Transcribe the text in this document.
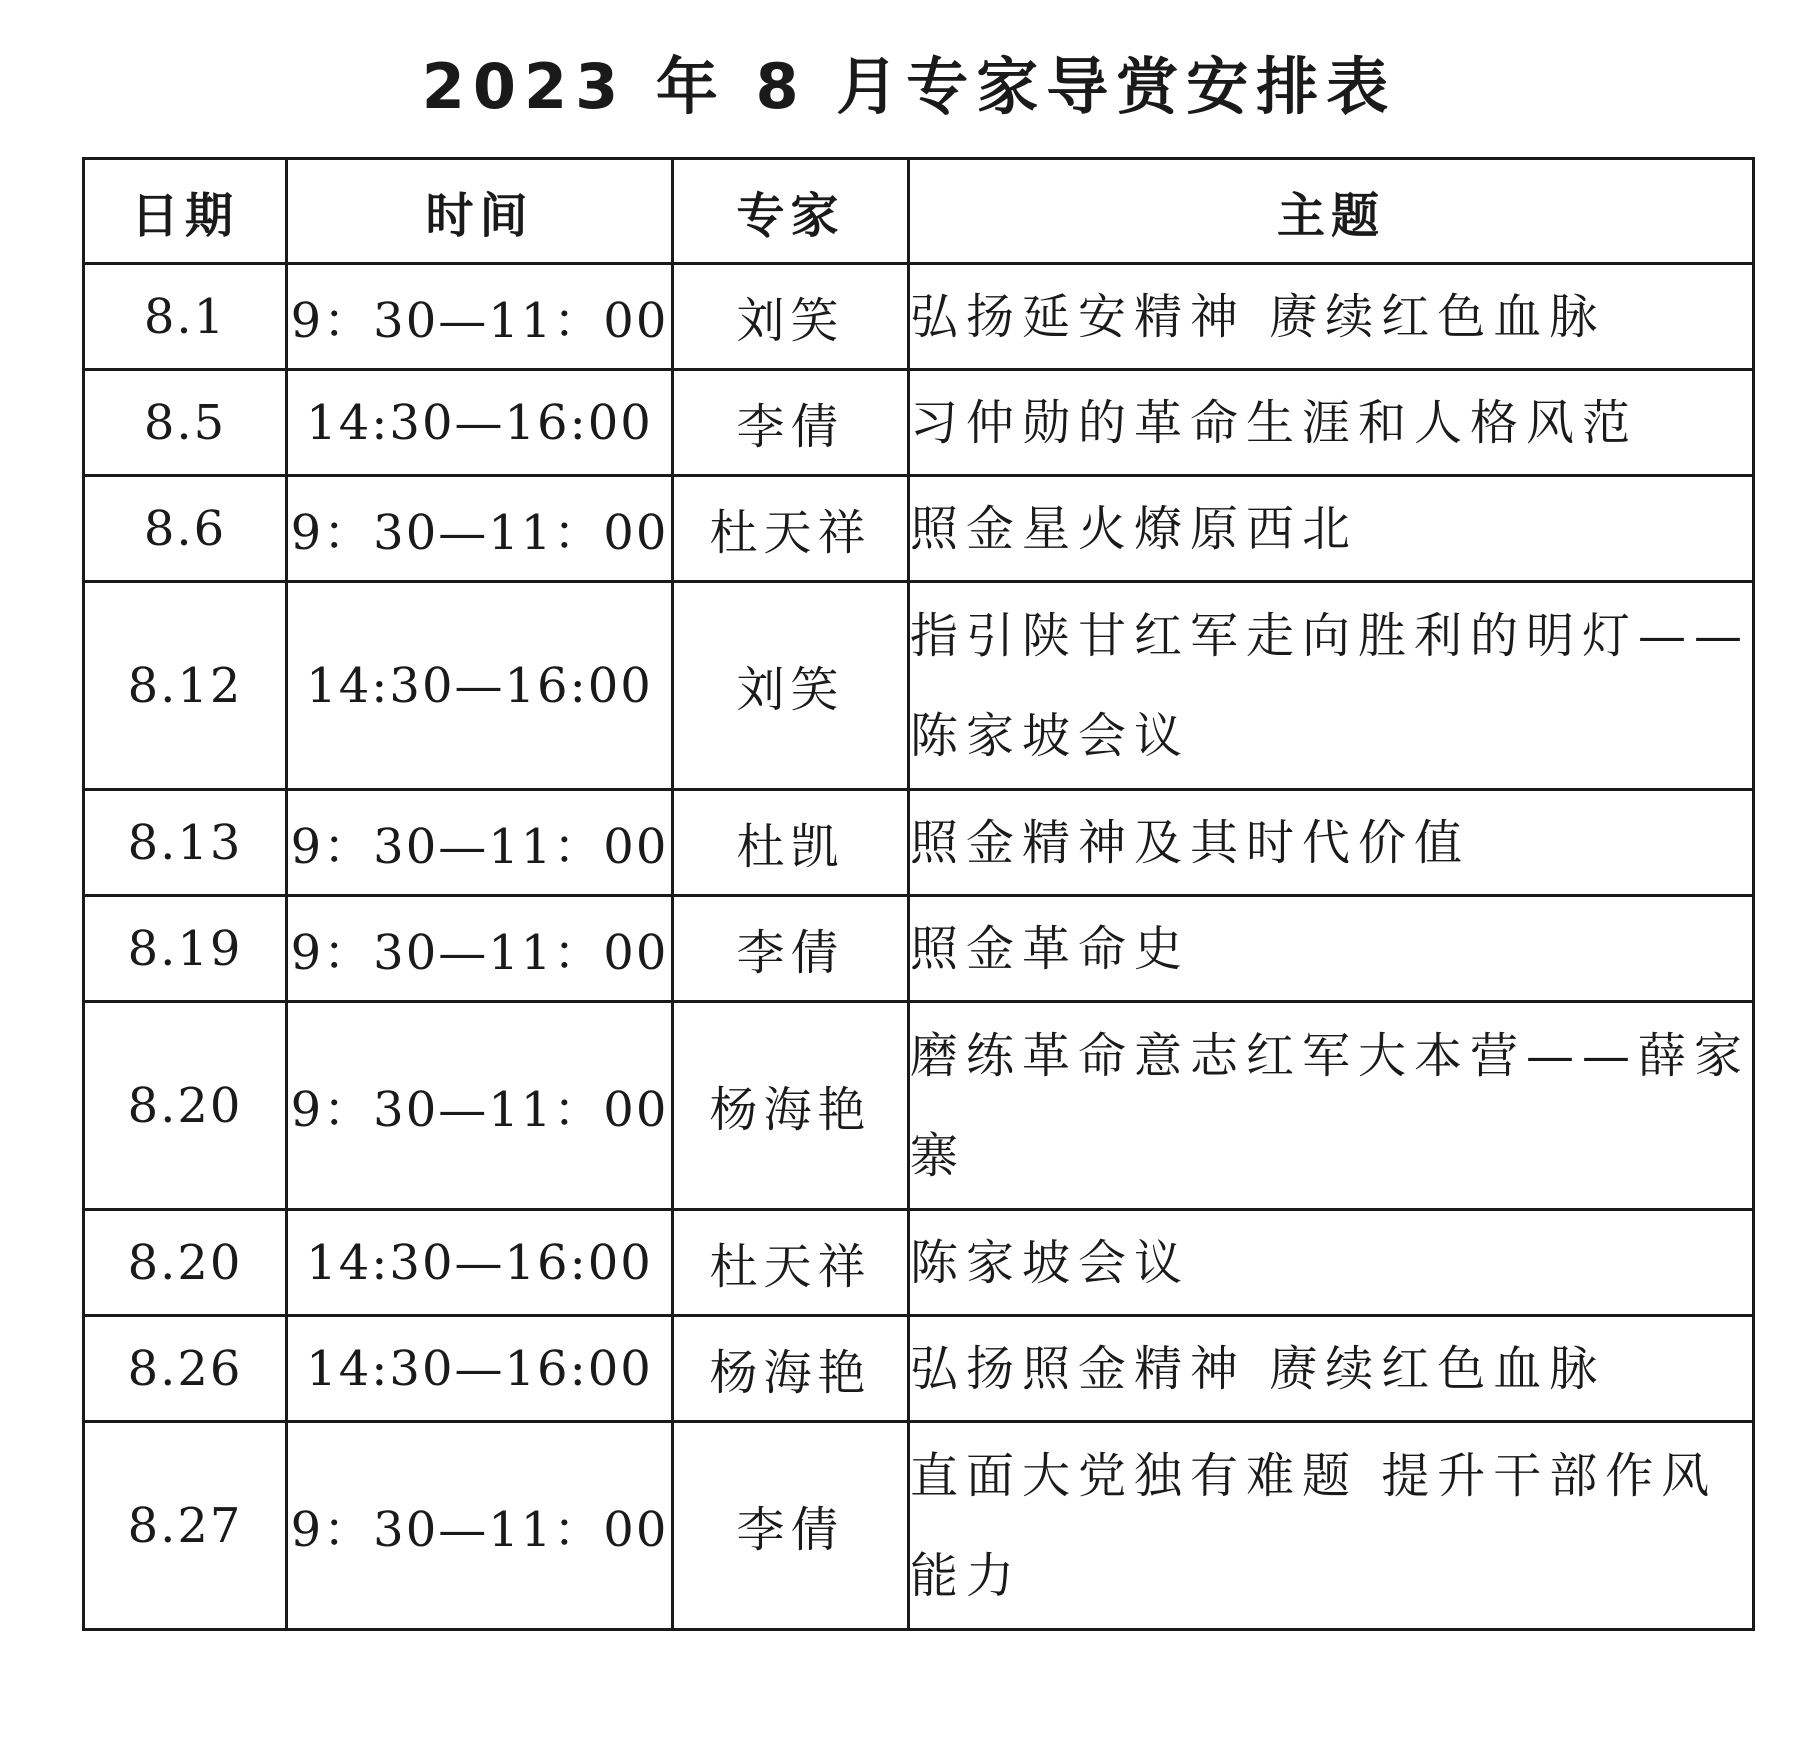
2023 年 8 月专家导赏安排表
日期	时间	专家	主题
8.1	9：30—11：00	刘笑	弘扬延安精神 赓续红色血脉
8.5	14:30—16:00	李倩	习仲勋的革命生涯和人格风范
8.6	9：30—11：00	杜天祥	照金星火燎原西北
8.12	14:30—16:00	刘笑	指引陕甘红军走向胜利的明灯——陈家坡会议
8.13	9：30—11：00	杜凯	照金精神及其时代价值
8.19	9：30—11：00	李倩	照金革命史
8.20	9：30—11：00	杨海艳	磨练革命意志红军大本营——薛家寨
8.20	14:30—16:00	杜天祥	陈家坡会议
8.26	14:30—16:00	杨海艳	弘扬照金精神 赓续红色血脉
8.27	9：30—11：00	李倩	直面大党独有难题 提升干部作风能力
